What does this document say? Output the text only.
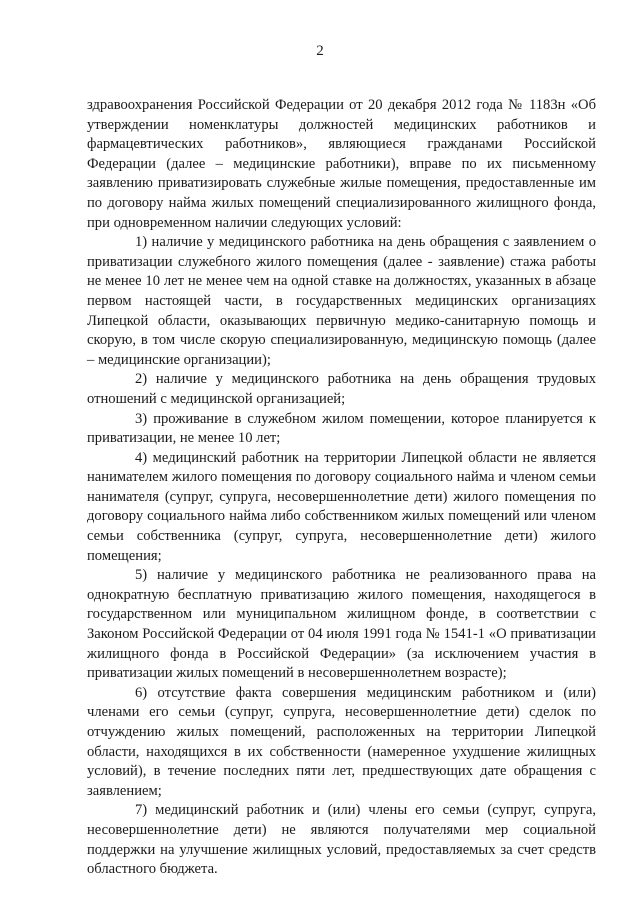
2

здравоохранения Российской Федерации от 20 декабря 2012 года № 1183н «Об утверждении номенклатуры должностей медицинских работников и фармацевтических работников», являющиеся гражданами Российской Федерации (далее – медицинские работники), вправе по их письменному заявлению приватизировать служебные жилые помещения, предоставленные им по договору найма жилых помещений специализированного жилищного фонда, при одновременном наличии следующих условий:

1) наличие у медицинского работника на день обращения с заявлением о приватизации служебного жилого помещения (далее - заявление) стажа работы не менее 10 лет не менее чем на одной ставке на должностях, указанных в абзаце первом настоящей части, в государственных медицинских организациях Липецкой области, оказывающих первичную медико-санитарную помощь и скорую, в том числе скорую специализированную, медицинскую помощь (далее – медицинские организации);

2) наличие у медицинского работника на день обращения трудовых отношений с медицинской организацией;

3) проживание в служебном жилом помещении, которое планируется к приватизации, не менее 10 лет;

4) медицинский работник на территории Липецкой области не является нанимателем жилого помещения по договору социального найма и членом семьи нанимателя (супруг, супруга, несовершеннолетние дети) жилого помещения по договору социального найма либо собственником жилых помещений или членом семьи собственника (супруг, супруга, несовершеннолетние дети) жилого помещения;

5) наличие у медицинского работника не реализованного права на однократную бесплатную приватизацию жилого помещения, находящегося в государственном или муниципальном жилищном фонде, в соответствии с Законом Российской Федерации от 04 июля 1991 года № 1541-1 «О приватизации жилищного фонда в Российской Федерации» (за исключением участия в приватизации жилых помещений в несовершеннолетнем возрасте);

6) отсутствие факта совершения медицинским работником и (или) членами его семьи (супруг, супруга, несовершеннолетние дети) сделок по отчуждению жилых помещений, расположенных на территории Липецкой области, находящихся в их собственности (намеренное ухудшение жилищных условий), в течение последних пяти лет, предшествующих дате обращения с заявлением;

7) медицинский работник и (или) члены его семьи (супруг, супруга, несовершеннолетние дети) не являются получателями мер социальной поддержки на улучшение жилищных условий, предоставляемых за счет средств областного бюджета.
